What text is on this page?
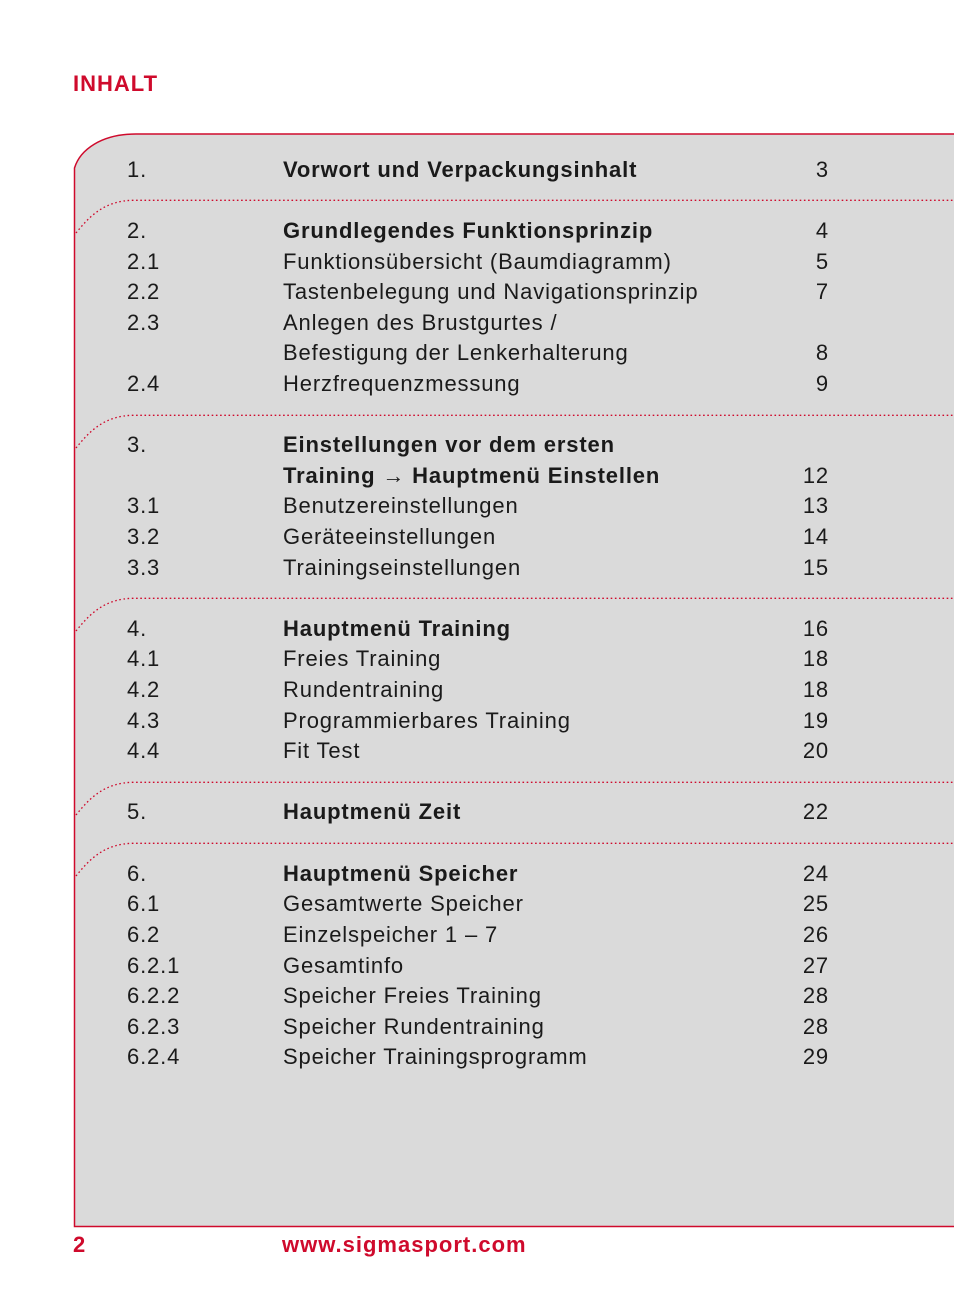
INHALT
1.	Vorwort und Verpackungsinhalt	3
2.	Grundlegendes Funktionsprinzip	4
2.1	Funktionsübersicht (Baumdiagramm)	5
2.2	Tastenbelegung und Navigationsprinzip	7
2.3	Anlegen des Brustgurtes /
Befestigung der Lenkerhalterung	8
2.4	Herzfrequenzmessung	9
3.	Einstellungen vor dem ersten
Training → Hauptmenü Einstellen	12
3.1	Benutzereinstellungen	13
3.2	Geräteeinstellungen	14
3.3	Trainingseinstellungen	15
4.	Hauptmenü Training	16
4.1	Freies Training	18
4.2	Rundentraining	18
4.3	Programmierbares Training	19
4.4	Fit Test	20
5.	Hauptmenü Zeit	22
6.	Hauptmenü Speicher	24
6.1	Gesamtwerte Speicher	25
6.2	Einzelspeicher 1 – 7	26
6.2.1	Gesamtinfo	27
6.2.2	Speicher Freies Training	28
6.2.3	Speicher Rundentraining	28
6.2.4	Speicher Trainingsprogramm	29
2	www.sigmasport.com
